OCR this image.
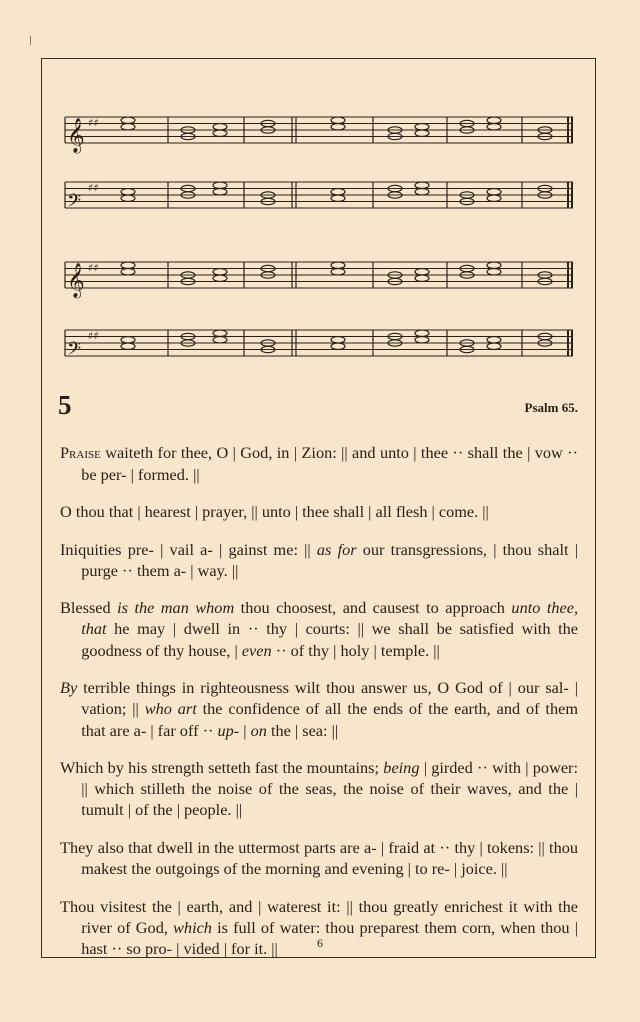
𝄞 ♯♯
𝄢
♯♯
𝄞 ♯♯
𝄢
♯♯
5	Psalm 65.

Praise waiteth for thee, O | God, in | Zion: || and unto | thee ·· shall the | vow ·· be per- | formed. ||

O thou that | hearest | prayer, || unto | thee shall | all flesh | come. ||

Iniquities pre- | vail a- | gainst me: || as for our transgressions, | thou shalt | purge ·· them a- | way. ||

Blessed is the man whom thou choosest, and causest to approach unto thee, that he may | dwell in ·· thy | courts: || we shall be satisfied with the goodness of thy house, | even ·· of thy | holy | temple. ||

By terrible things in righteousness wilt thou answer us, O God of | our sal- | vation; || who art the confidence of all the ends of the earth, and of them that are a- | far off ·· up- | on the | sea: ||

Which by his strength setteth fast the mountains; being | girded ·· with | power: || which stilleth the noise of the seas, the noise of their waves, and the | tumult | of the | people. ||

They also that dwell in the uttermost parts are a- | fraid at ·· thy | tokens: || thou makest the outgoings of the morning and evening | to re- | joice. ||

Thou visitest the | earth, and | waterest it: || thou greatly enrichest it with the river of God, which is full of water: thou preparest them corn, when thou | hast ·· so pro- | vided | for it. ||	6
